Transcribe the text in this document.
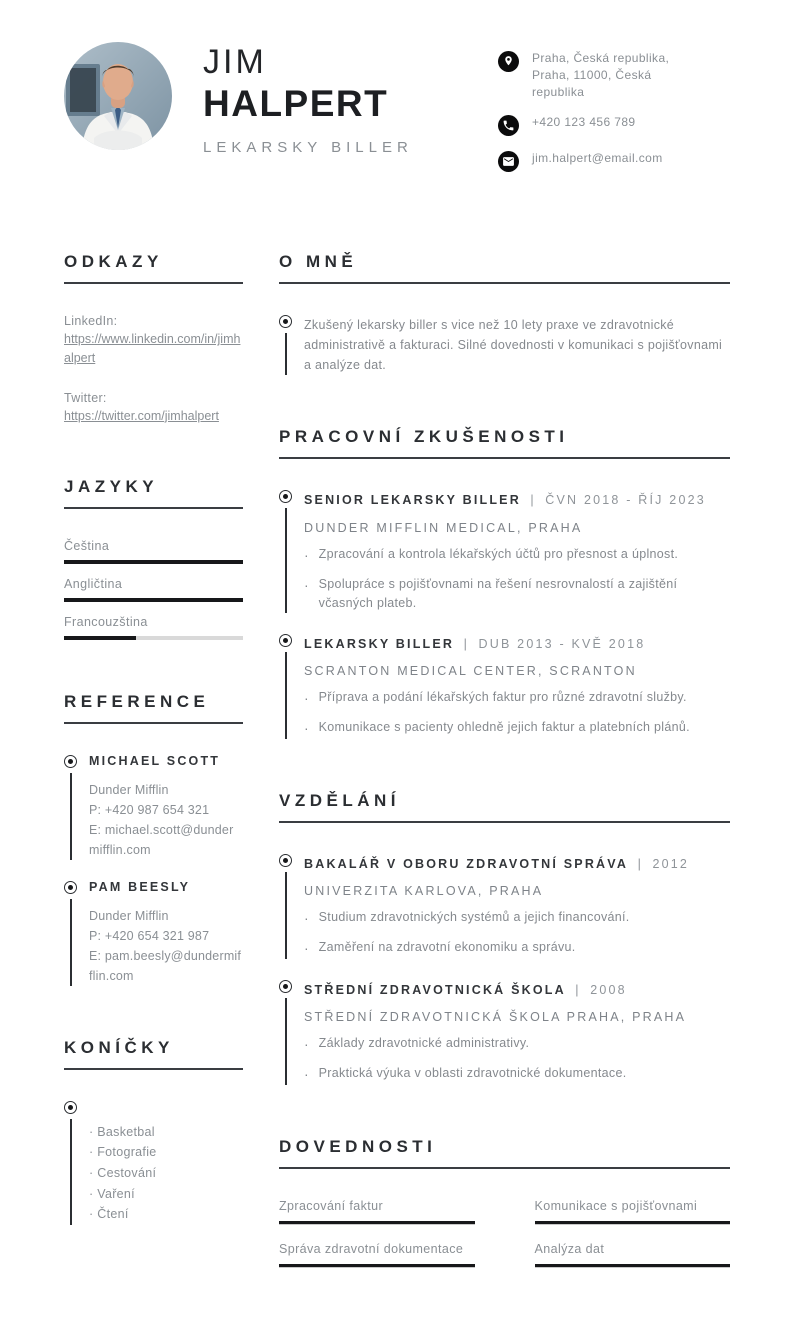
JIM
HALPERT
LEKARSKY BILLER
Praha, Česká republika, Praha, 11000, Česká republika
+420 123 456 789
jim.halpert@email.com
ODKAZY
LinkedIn:
https://www.linkedin.com/in/jimhalpert
Twitter:
https://twitter.com/jimhalpert
JAZYKY
Čeština
Angličtina
Francouzština
REFERENCE
MICHAEL SCOTT
Dunder Mifflin
P: +420 987 654 321
E: michael.scott@dundermifflin.com
PAM BEESLY
Dunder Mifflin
P: +420 654 321 987
E: pam.beesly@dundermifflin.com
KONÍČKY
· Basketbal
· Fotografie
· Cestování
· Vaření
· Čtení
O MNĚ
Zkušený lekarsky biller s vice než 10 lety praxe ve zdravotnické administrativě a fakturaci. Silné dovednosti v komunikaci s pojišťovnami a analýze dat.
PRACOVNÍ ZKUŠENOSTI
SENIOR LEKARSKY BILLER | ČVN 2018 - ŘÍJ 2023
DUNDER MIFFLIN MEDICAL, PRAHA
· Zpracování a kontrola lékařských účtů pro přesnost a úplnost.
· Spolupráce s pojišťovnami na řešení nesrovnalostí a zajištění včasných plateb.
LEKARSKY BILLER | DUB 2013 - KVĚ 2018
SCRANTON MEDICAL CENTER, SCRANTON
· Příprava a podání lékařských faktur pro různé zdravotní služby.
· Komunikace s pacienty ohledně jejich faktur a platebních plánů.
VZDĚLÁNÍ
BAKALÁŘ V OBORU ZDRAVOTNÍ SPRÁVA | 2012
UNIVERZITA KARLOVA, PRAHA
· Studium zdravotnických systémů a jejich financování.
· Zaměření na zdravotní ekonomiku a správu.
STŘEDNÍ ZDRAVOTNICKÁ ŠKOLA | 2008
STŘEDNÍ ZDRAVOTNICKÁ ŠKOLA PRAHA, PRAHA
· Základy zdravotnické administrativy.
· Praktická výuka v oblasti zdravotnické dokumentace.
DOVEDNOSTI
Zpracování faktur	Komunikace s pojišťovnami
Správa zdravotní dokumentace	Analýza dat
